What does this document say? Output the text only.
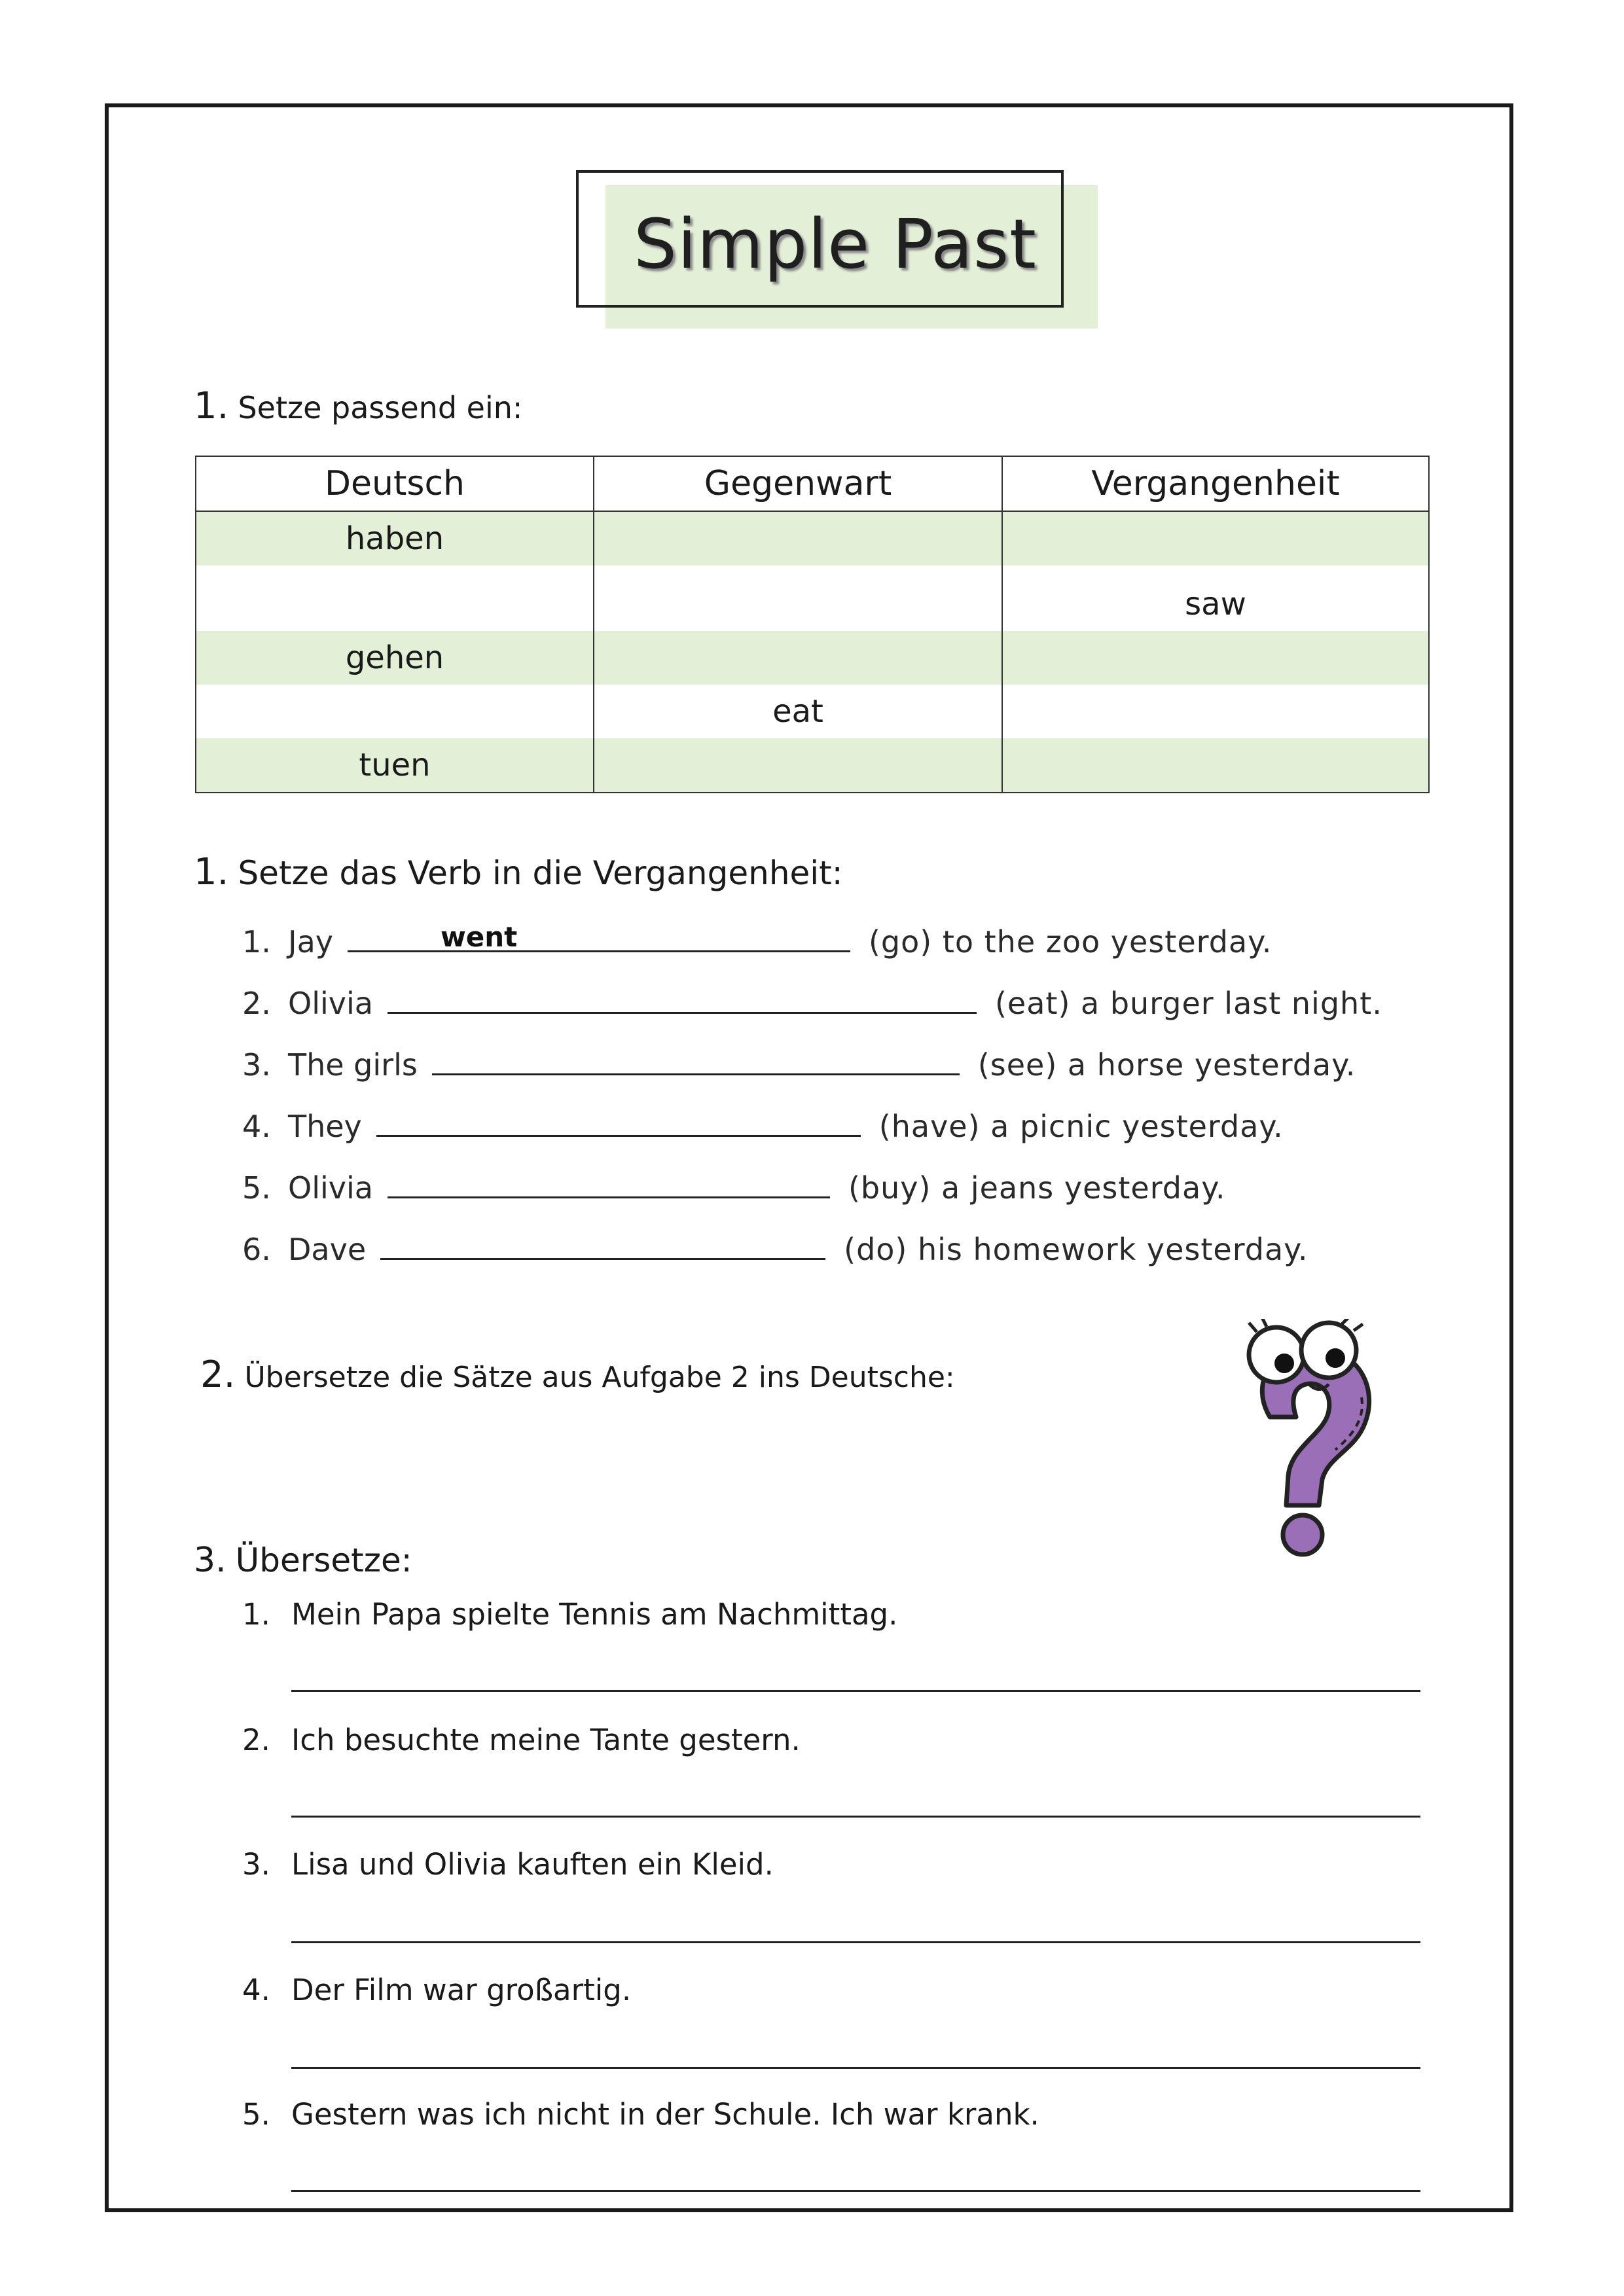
Simple Past
1. Setze passend ein:
Deutsch	Gegenwart	Vergangenheit
haben		
		saw
gehen		
	eat	
tuen		
1. Setze das Verb in die Vergangenheit:
1. Jay	went	(go) to the zoo yesterday.
2. Olivia	(eat) a burger last night.
3. The girls	(see) a horse yesterday.
4. They	(have) a picnic yesterday.
5. Olivia	(buy) a jeans yesterday.
6. Dave	(do) his homework yesterday.
2. Übersetze die Sätze aus Aufgabe 2 ins Deutsche:
3. Übersetze:
1. Mein Papa spielte Tennis am Nachmittag.
2. Ich besuchte meine Tante gestern.
3. Lisa und Olivia kauften ein Kleid.
4. Der Film war großartig.
5. Gestern was ich nicht in der Schule. Ich war krank.
